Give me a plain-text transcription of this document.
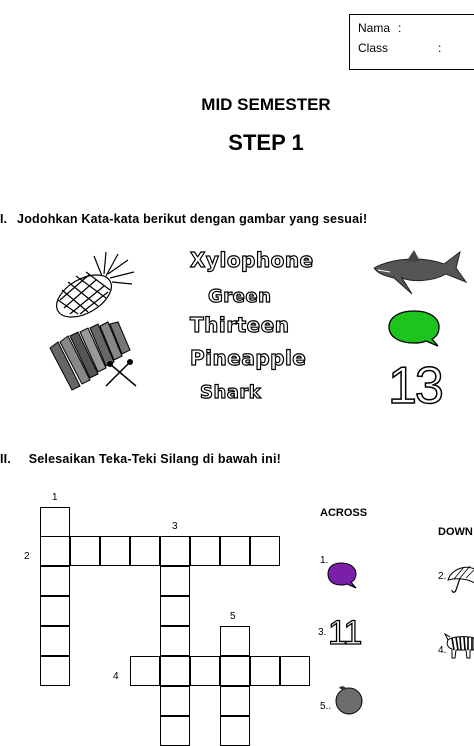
Nama :
Class	:
MID SEMESTER
STEP 1
I. Jodohkan Kata-kata berikut dengan gambar yang sesuai!
Xylophone
Green
Thirteen
Pineapple
Shark 13
II. Selesaikan Teka-Teki Silang di bawah ini!
1
2
3
4
5
ACROSS
1.
3. 11
5..
DOWN
2.
4.
